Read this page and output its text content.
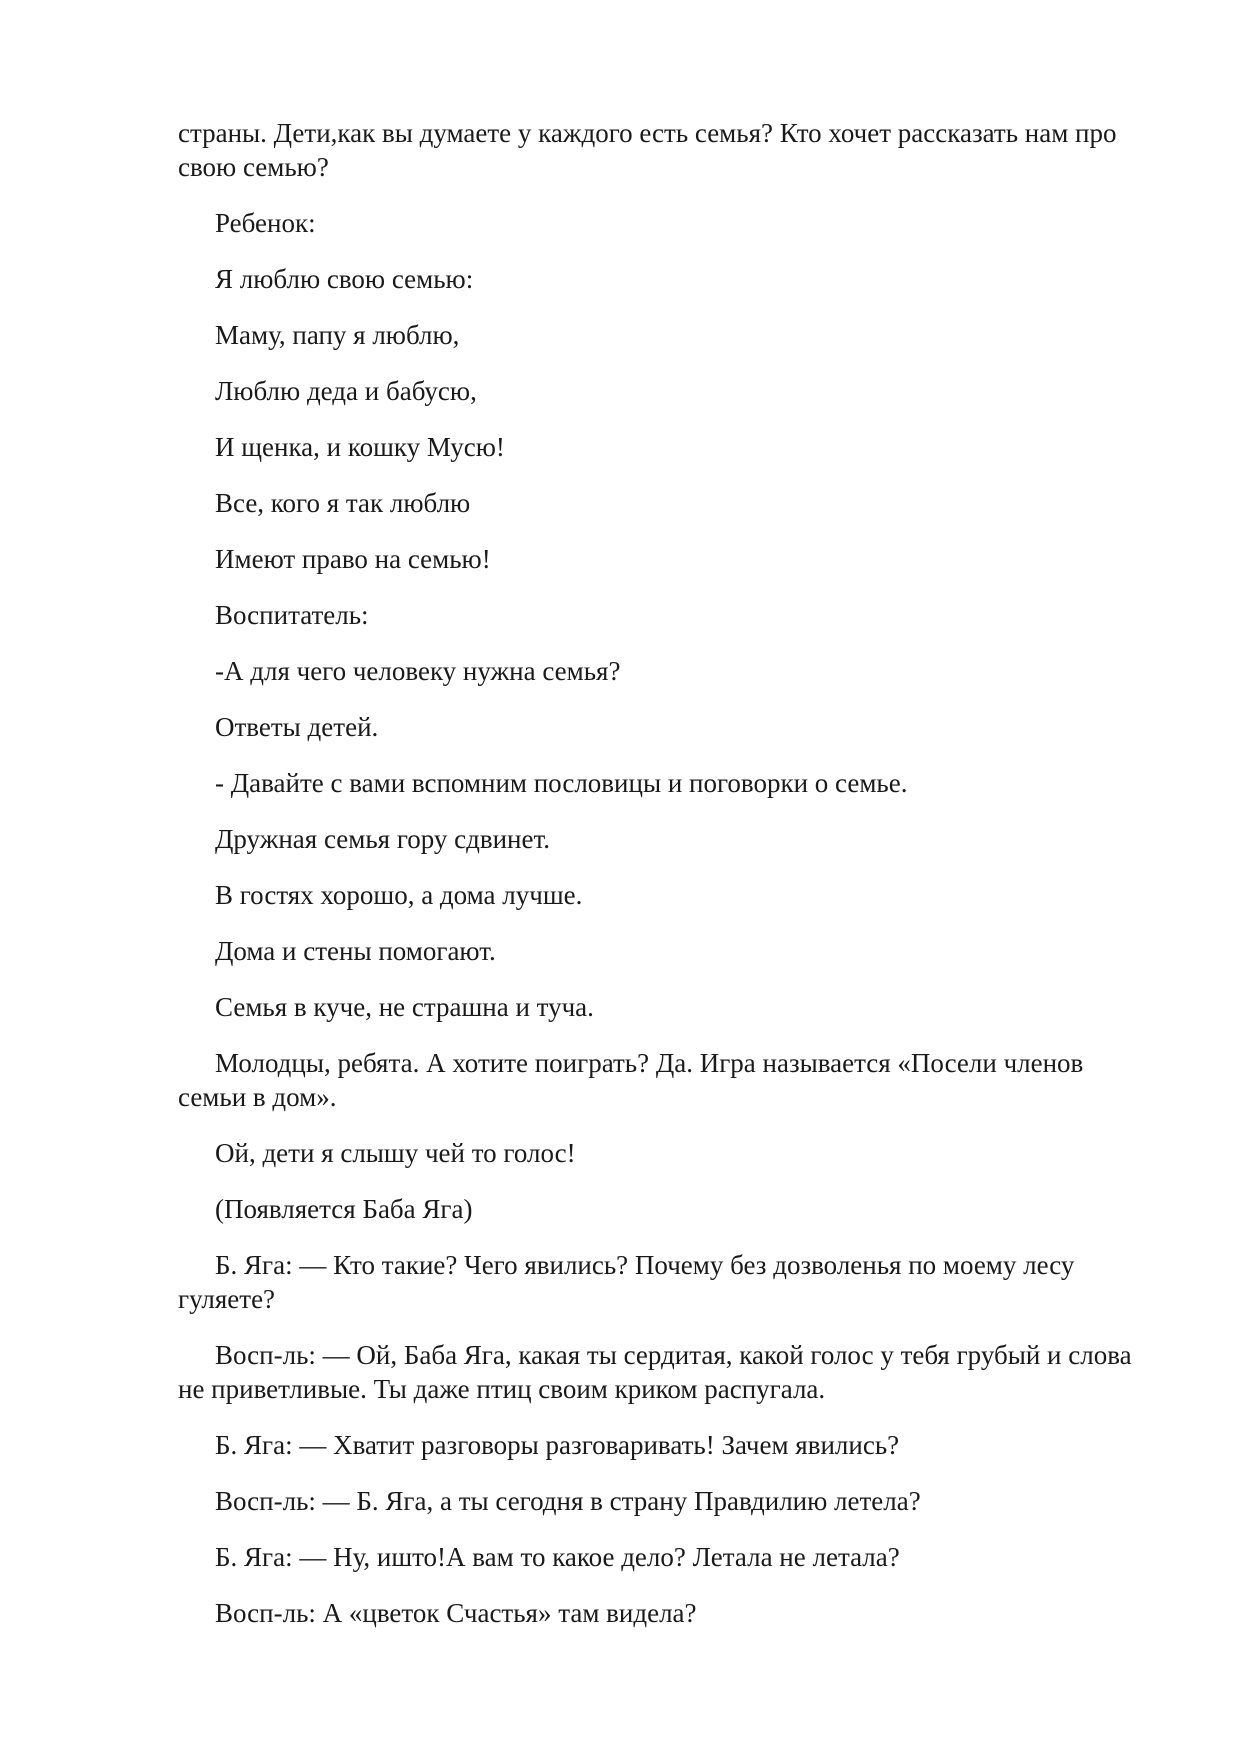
страны. Дети,как вы думаете у каждого есть семья? Кто хочет рассказать нам про свою семью?

Ребенок:

Я люблю свою семью:

Маму, папу я люблю,

Люблю деда и бабусю,

И щенка, и кошку Мусю!

Все, кого я так люблю

Имеют право на семью!

Воспитатель:

-А для чего человеку нужна семья?

Ответы детей.

- Давайте с вами вспомним пословицы и поговорки о семье.

Дружная семья гору сдвинет.

В гостях хорошо, а дома лучше.

Дома и стены помогают.

Семья в куче, не страшна и туча.

Молодцы, ребята. А хотите поиграть? Да. Игра называется «Посели членов семьи в дом».

Ой, дети я слышу чей то голос!

(Появляется Баба Яга)

Б. Яга: — Кто такие? Чего явились? Почему без дозволенья по моему лесу гуляете?

Восп-ль: — Ой, Баба Яга, какая ты сердитая, какой голос у тебя грубый и слова не приветливые. Ты даже птиц своим криком распугала.

Б. Яга: — Хватит разговоры разговаривать! Зачем явились?

Восп-ль: — Б. Яга, а ты сегодня в страну Правдилию летела?

Б. Яга: — Ну, ишто!А вам то какое дело? Летала не летала?

Восп-ль: А «цветок Счастья» там видела?
